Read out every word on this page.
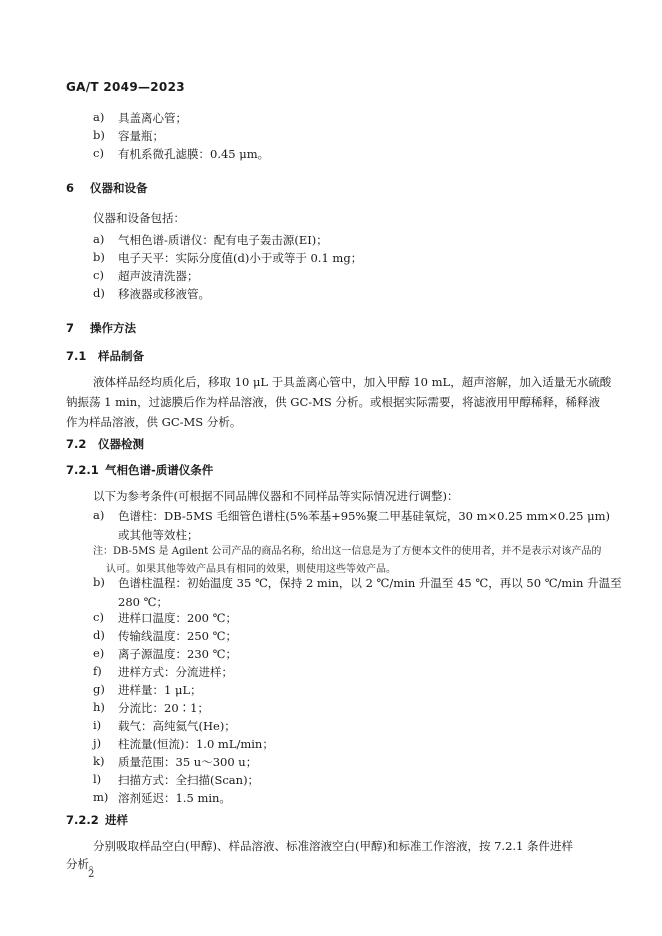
GA/T 2049—2023
a) 具盖离心管；
b) 容量瓶；
c) 有机系微孔滤膜：0.45 μm。
6 仪器和设备
仪器和设备包括：
a) 气相色谱-质谱仪：配有电子轰击源(EI)；
b) 电子天平：实际分度值(d)小于或等于 0.1 mg；
c) 超声波清洗器；
d) 移液器或移液管。
7 操作方法
7.1 样品制备
液体样品经均质化后，移取 10 μL 于具盖离心管中，加入甲醇 10 mL，超声溶解，加入适量无水硫酸
钠振荡 1 min，过滤膜后作为样品溶液，供 GC-MS 分析。或根据实际需要，将滤液用甲醇稀释，稀释液
作为样品溶液，供 GC-MS 分析。
7.2 仪器检测
7.2.1 气相色谱-质谱仪条件
以下为参考条件(可根据不同品牌仪器和不同样品等实际情况进行调整)：
a) 色谱柱：DB-5MS 毛细管色谱柱(5%苯基+95%聚二甲基硅氧烷，30 m×0.25 mm×0.25 μm)
或其他等效柱；
注：DB-5MS 是 Agilent 公司产品的商品名称，给出这一信息是为了方便本文件的使用者，并不是表示对该产品的
认可。如果其他等效产品具有相同的效果，则使用这些等效产品。
b) 色谱柱温程：初始温度 35 ℃，保持 2 min，以 2 ℃/min 升温至 45 ℃，再以 50 ℃/min 升温至
280 ℃；
c) 进样口温度：200 ℃；
d) 传输线温度：250 ℃；
e) 离子源温度：230 ℃；
f) 进样方式：分流进样；
g) 进样量：1 μL；
h) 分流比：20∶1；
i) 载气：高纯氦气(He)；
j) 柱流量(恒流)：1.0 mL/min；
k) 质量范围：35 u～300 u；
l) 扫描方式：全扫描(Scan)；
m) 溶剂延迟：1.5 min。
7.2.2 进样
分别吸取样品空白(甲醇)、样品溶液、标准溶液空白(甲醇)和标准工作溶液，按 7.2.1 条件进样
分析。
2
